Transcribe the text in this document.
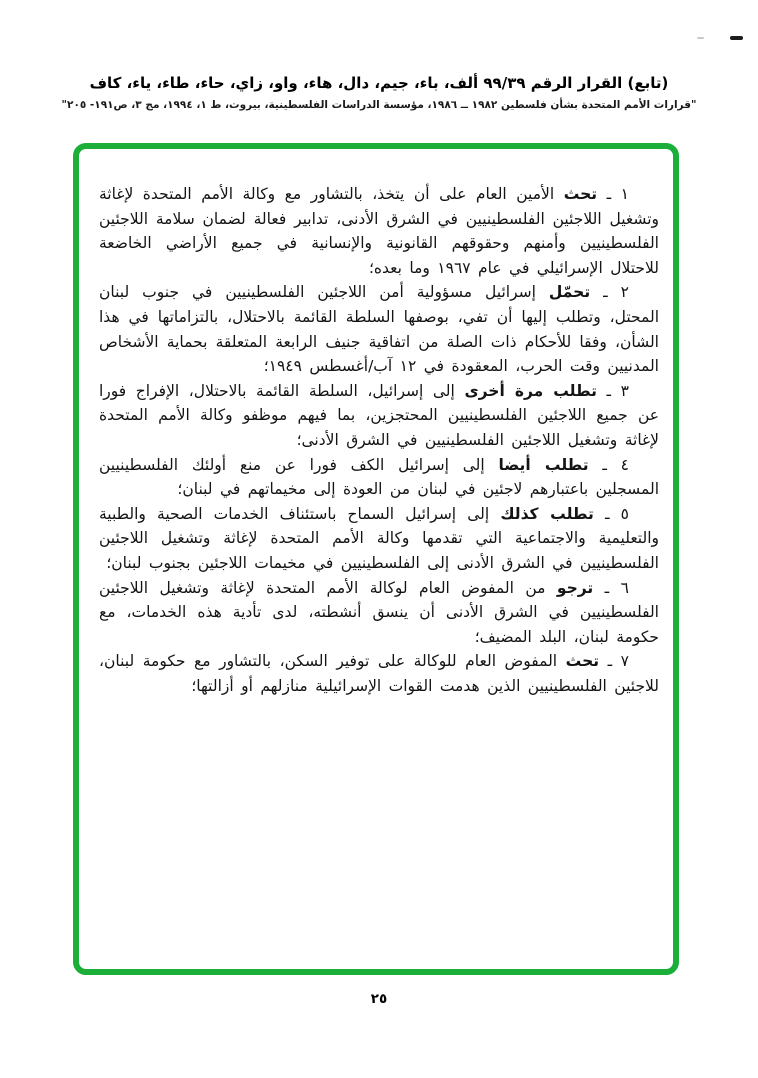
(تابع) القرار الرقم ٩٩/٣٩ ألف، باء، جيم، دال، هاء، واو، زاي، حاء، طاء، ياء، كاف
"قرارات الأمم المتحدة بشأن فلسطين ١٩٨٢ ــ ١٩٨٦، مؤسسة الدراسات الفلسطينية، بيروت، ط ١، ١٩٩٤، مج ٣، ص١٩١- ٢٠٥"

١ ـ تحث الأمين العام على أن يتخذ، بالتشاور مع وكالة الأمم المتحدة لإغاثة وتشغيل اللاجئين الفلسطينيين في الشرق الأدنى، تدابير فعالة لضمان سلامة اللاجئين الفلسطينيين وأمنهم وحقوقهم القانونية والإنسانية في جميع الأراضي الخاضعة للاحتلال الإسرائيلي في عام ١٩٦٧ وما بعده؛

٢ ـ تحمّل إسرائيل مسؤولية أمن اللاجئين الفلسطينيين في جنوب لبنان المحتل، وتطلب إليها أن تفي، بوصفها السلطة القائمة بالاحتلال، بالتزاماتها في هذا الشأن، وفقا للأحكام ذات الصلة من اتفاقية جنيف الرابعة المتعلقة بحماية الأشخاص المدنيين وقت الحرب، المعقودة في ١٢ آب/أغسطس ١٩٤٩؛

٣ ـ تطلب مرة أخرى إلى إسرائيل، السلطة القائمة بالاحتلال، الإفراج فورا عن جميع اللاجئين الفلسطينيين المحتجزين، بما فيهم موظفو وكالة الأمم المتحدة لإغاثة وتشغيل اللاجئين الفلسطينيين في الشرق الأدنى؛

٤ ـ تطلب أيضا إلى إسرائيل الكف فورا عن منع أولئك الفلسطينيين المسجلين باعتبارهم لاجئين في لبنان من العودة إلى مخيماتهم في لبنان؛

٥ ـ تطلب كذلك إلى إسرائيل السماح باستئناف الخدمات الصحية والطبية والتعليمية والاجتماعية التي تقدمها وكالة الأمم المتحدة لإغاثة وتشغيل اللاجئين الفلسطينيين في الشرق الأدنى إلى الفلسطينيين في مخيمات اللاجئين بجنوب لبنان؛

٦ ـ ترجو من المفوض العام لوكالة الأمم المتحدة لإغاثة وتشغيل اللاجئين الفلسطينيين في الشرق الأدنى أن ينسق أنشطته، لدى تأدية هذه الخدمات، مع حكومة لبنان، البلد المضيف؛

٧ ـ تحث المفوض العام للوكالة على توفير السكن، بالتشاور مع حكومة لبنان، للاجئين الفلسطينيين الذين هدمت القوات الإسرائيلية منازلهم أو أزالتها؛

٢٥
